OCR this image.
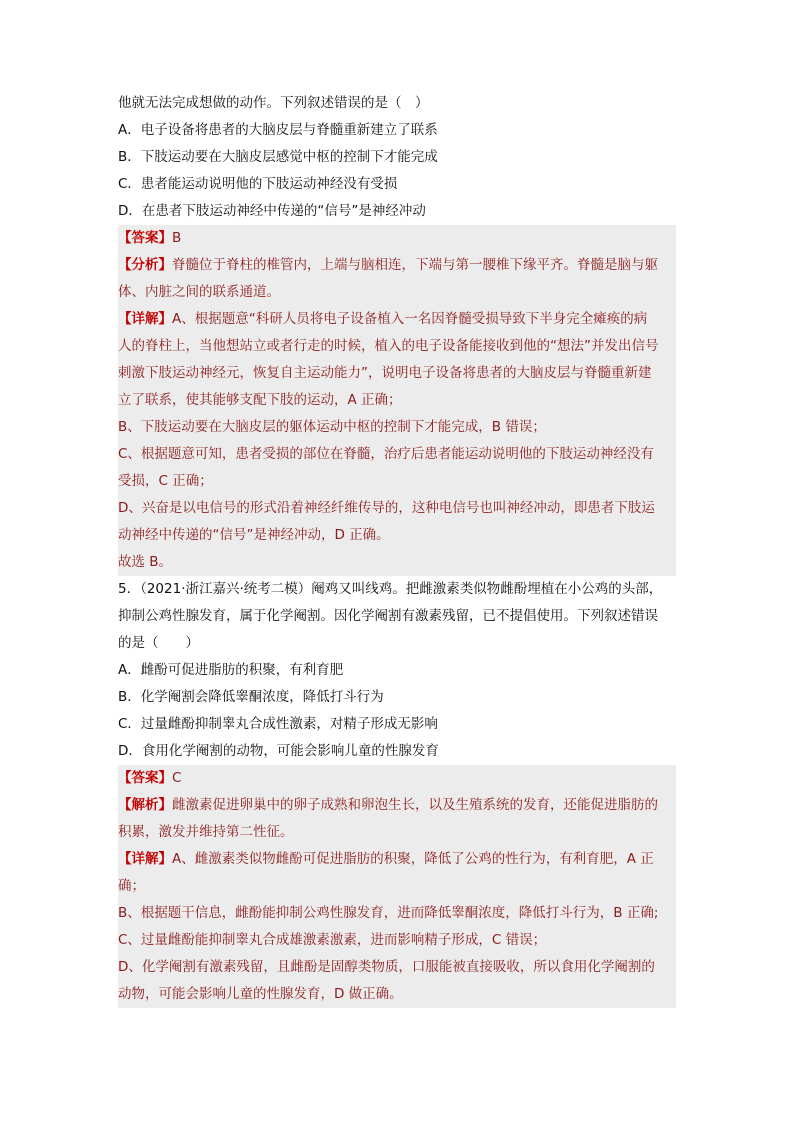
他就无法完成想做的动作。下列叙述错误的是（　）
A．电子设备将患者的大脑皮层与脊髓重新建立了联系
B．下肢运动要在大脑皮层感觉中枢的控制下才能完成
C．患者能运动说明他的下肢运动神经没有受损
D．在患者下肢运动神经中传递的“信号”是神经冲动
【答案】B
【分析】脊髓位于脊柱的椎管内，上端与脑相连，下端与第一腰椎下缘平齐。脊髓是脑与躯
体、内脏之间的联系通道。
【详解】A、根据题意“科研人员将电子设备植入一名因脊髓受损导致下半身完全瘫痪的病
人的脊柱上，当他想站立或者行走的时候，植入的电子设备能接收到他的“想法”并发出信号
刺激下肢运动神经元，恢复自主运动能力”，说明电子设备将患者的大脑皮层与脊髓重新建
立了联系，使其能够支配下肢的运动，A 正确；
B、下肢运动要在大脑皮层的躯体运动中枢的控制下才能完成，B 错误；
C、根据题意可知，患者受损的部位在脊髓，治疗后患者能运动说明他的下肢运动神经没有
受损，C 正确；
D、兴奋是以电信号的形式沿着神经纤维传导的，这种电信号也叫神经冲动，即患者下肢运
动神经中传递的“信号”是神经冲动，D 正确。
故选 B。
5．（2021·浙江嘉兴·统考二模）阉鸡又叫线鸡。把雌激素类似物雌酚埋植在小公鸡的头部，
抑制公鸡性腺发育，属于化学阉割。因化学阉割有激素残留，已不提倡使用。下列叙述错误
的是（　　）
A．雌酚可促进脂肪的积聚，有利育肥
B．化学阉割会降低睾酮浓度，降低打斗行为
C．过量雌酚抑制睾丸合成性激素，对精子形成无影响
D．食用化学阉割的动物，可能会影响儿童的性腺发育
【答案】C
【解析】雌激素促进卵巢中的卵子成熟和卵泡生长，以及生殖系统的发育，还能促进脂肪的
积累，激发并维持第二性征。
【详解】A、雌激素类似物雌酚可促进脂肪的积聚，降低了公鸡的性行为，有利育肥，A 正
确；
B、根据题干信息，雌酚能抑制公鸡性腺发育，进而降低睾酮浓度，降低打斗行为，B 正确;
C、过量雌酚能抑制睾丸合成雄激素激素，进而影响精子形成，C 错误；
D、化学阉割有激素残留，且雌酚是固醇类物质，口服能被直接吸收，所以食用化学阉割的
动物，可能会影响儿童的性腺发育，D 做正确。
